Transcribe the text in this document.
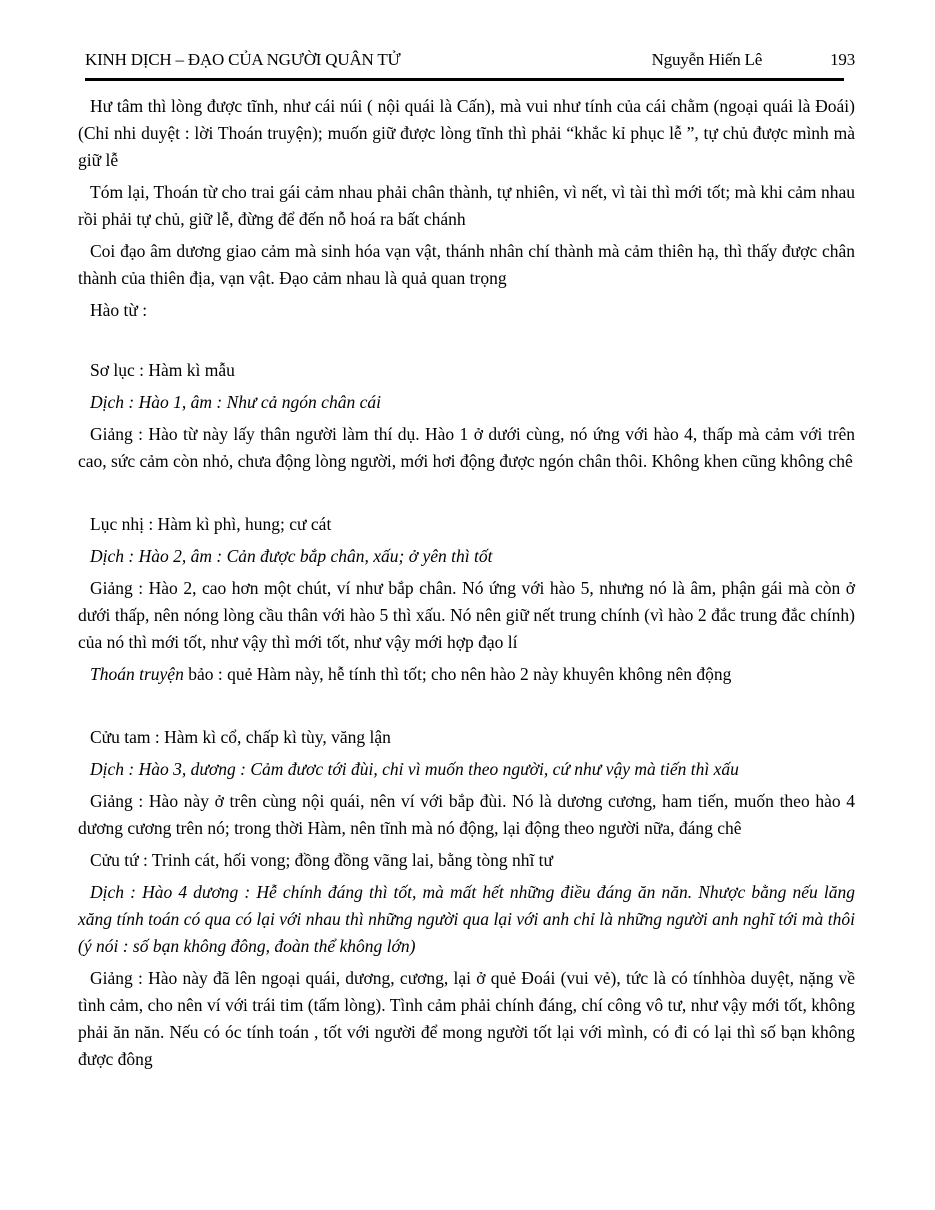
KINH DỊCH – ĐẠO CỦA NGƯỜI QUÂN TỬ	Nguyễn Hiến Lê	193

Hư tâm thì lòng được tĩnh, như cái núi ( nội quái là Cấn), mà vui như tính của cái chằm (ngoại quái là Đoái) (Chỉ nhi duyệt : lời Thoán truyện); muốn giữ được lòng tĩnh thì phải “khắc kỉ phục lễ ”, tự chủ được mình mà giữ lễ

Tóm lại, Thoán từ cho trai gái cảm nhau phải chân thành, tự nhiên, vì nết, vì tài thì mới tốt; mà khi cảm nhau rồi phải tự chủ, giữ lễ, đừng để đến nỗ hoá ra bất chánh

Coi đạo âm dương giao cảm mà sinh hóa vạn vật, thánh nhân chí thành mà cảm thiên hạ, thì thấy được chân thành của thiên địa, vạn vật. Đạo cảm nhau là quả quan trọng

Hào từ :

Sơ lục : Hàm kì mẫu

Dịch : Hào 1, âm : Như cả ngón chân cái

Giảng : Hào từ này lấy thân người làm thí dụ. Hào 1 ở dưới cùng, nó ứng với hào 4, thấp mà cảm với trên cao, sức cảm còn nhỏ, chưa động lòng người, mới hơi động được ngón chân thôi. Không khen cũng không chê

Lục nhị : Hàm kì phì, hung; cư cát

Dịch : Hào 2, âm : Cản được bắp chân, xấu; ở yên thì tốt

Giảng : Hào 2, cao hơn một chút, ví như bắp chân. Nó ứng với hào 5, nhưng nó là âm, phận gái mà còn ở dưới thấp, nên nóng lòng cầu thân với hào 5 thì xấu. Nó nên giữ nết trung chính (vì hào 2 đắc trung đắc chính) của nó thì mới tốt, như vậy thì mới tốt, như vậy mới hợp đạo lí

Thoán truyện bảo : quẻ Hàm này, hễ tính thì tốt; cho nên hào 2 này khuyên không nên động

Cửu tam : Hàm kì cổ, chấp kì tùy, văng lận

Dịch : Hào 3, dương : Cảm đươc tới đùi, chỉ vì muốn theo người, cứ như vậy mà tiến thì xấu

Giảng : Hào này ở trên cùng nội quái, nên ví với bắp đùi. Nó là dương cương, ham tiến, muốn theo hào 4 dương cương trên nó; trong thời Hàm, nên tĩnh mà nó động, lại động theo người nữa, đáng chê

Cửu tứ : Trinh cát, hối vong; đồng đồng vãng lai, bằng tòng nhĩ tư

Dịch : Hào 4 dương : Hễ chính đáng thì tốt, mà mất hết những điều đáng ăn năn. Nhược bằng nếu lăng xăng tính toán có qua có lại với nhau thì những người qua lại với anh chỉ là những người anh nghĩ tới mà thôi (ý nói : số bạn không đông, đoàn thể không lớn)

Giảng : Hào này đã lên ngoại quái, dương, cương, lại ở quẻ Đoái (vui vẻ), tức là có tínhhòa duyệt, nặng về tình cảm, cho nên ví với trái tim (tấm lòng). Tình cảm phải chính đáng, chí công vô tư, như vậy mới tốt, không phải ăn năn. Nếu có óc tính toán , tốt với người để mong người tốt lại với mình, có đi có lại thì số bạn không được đông
